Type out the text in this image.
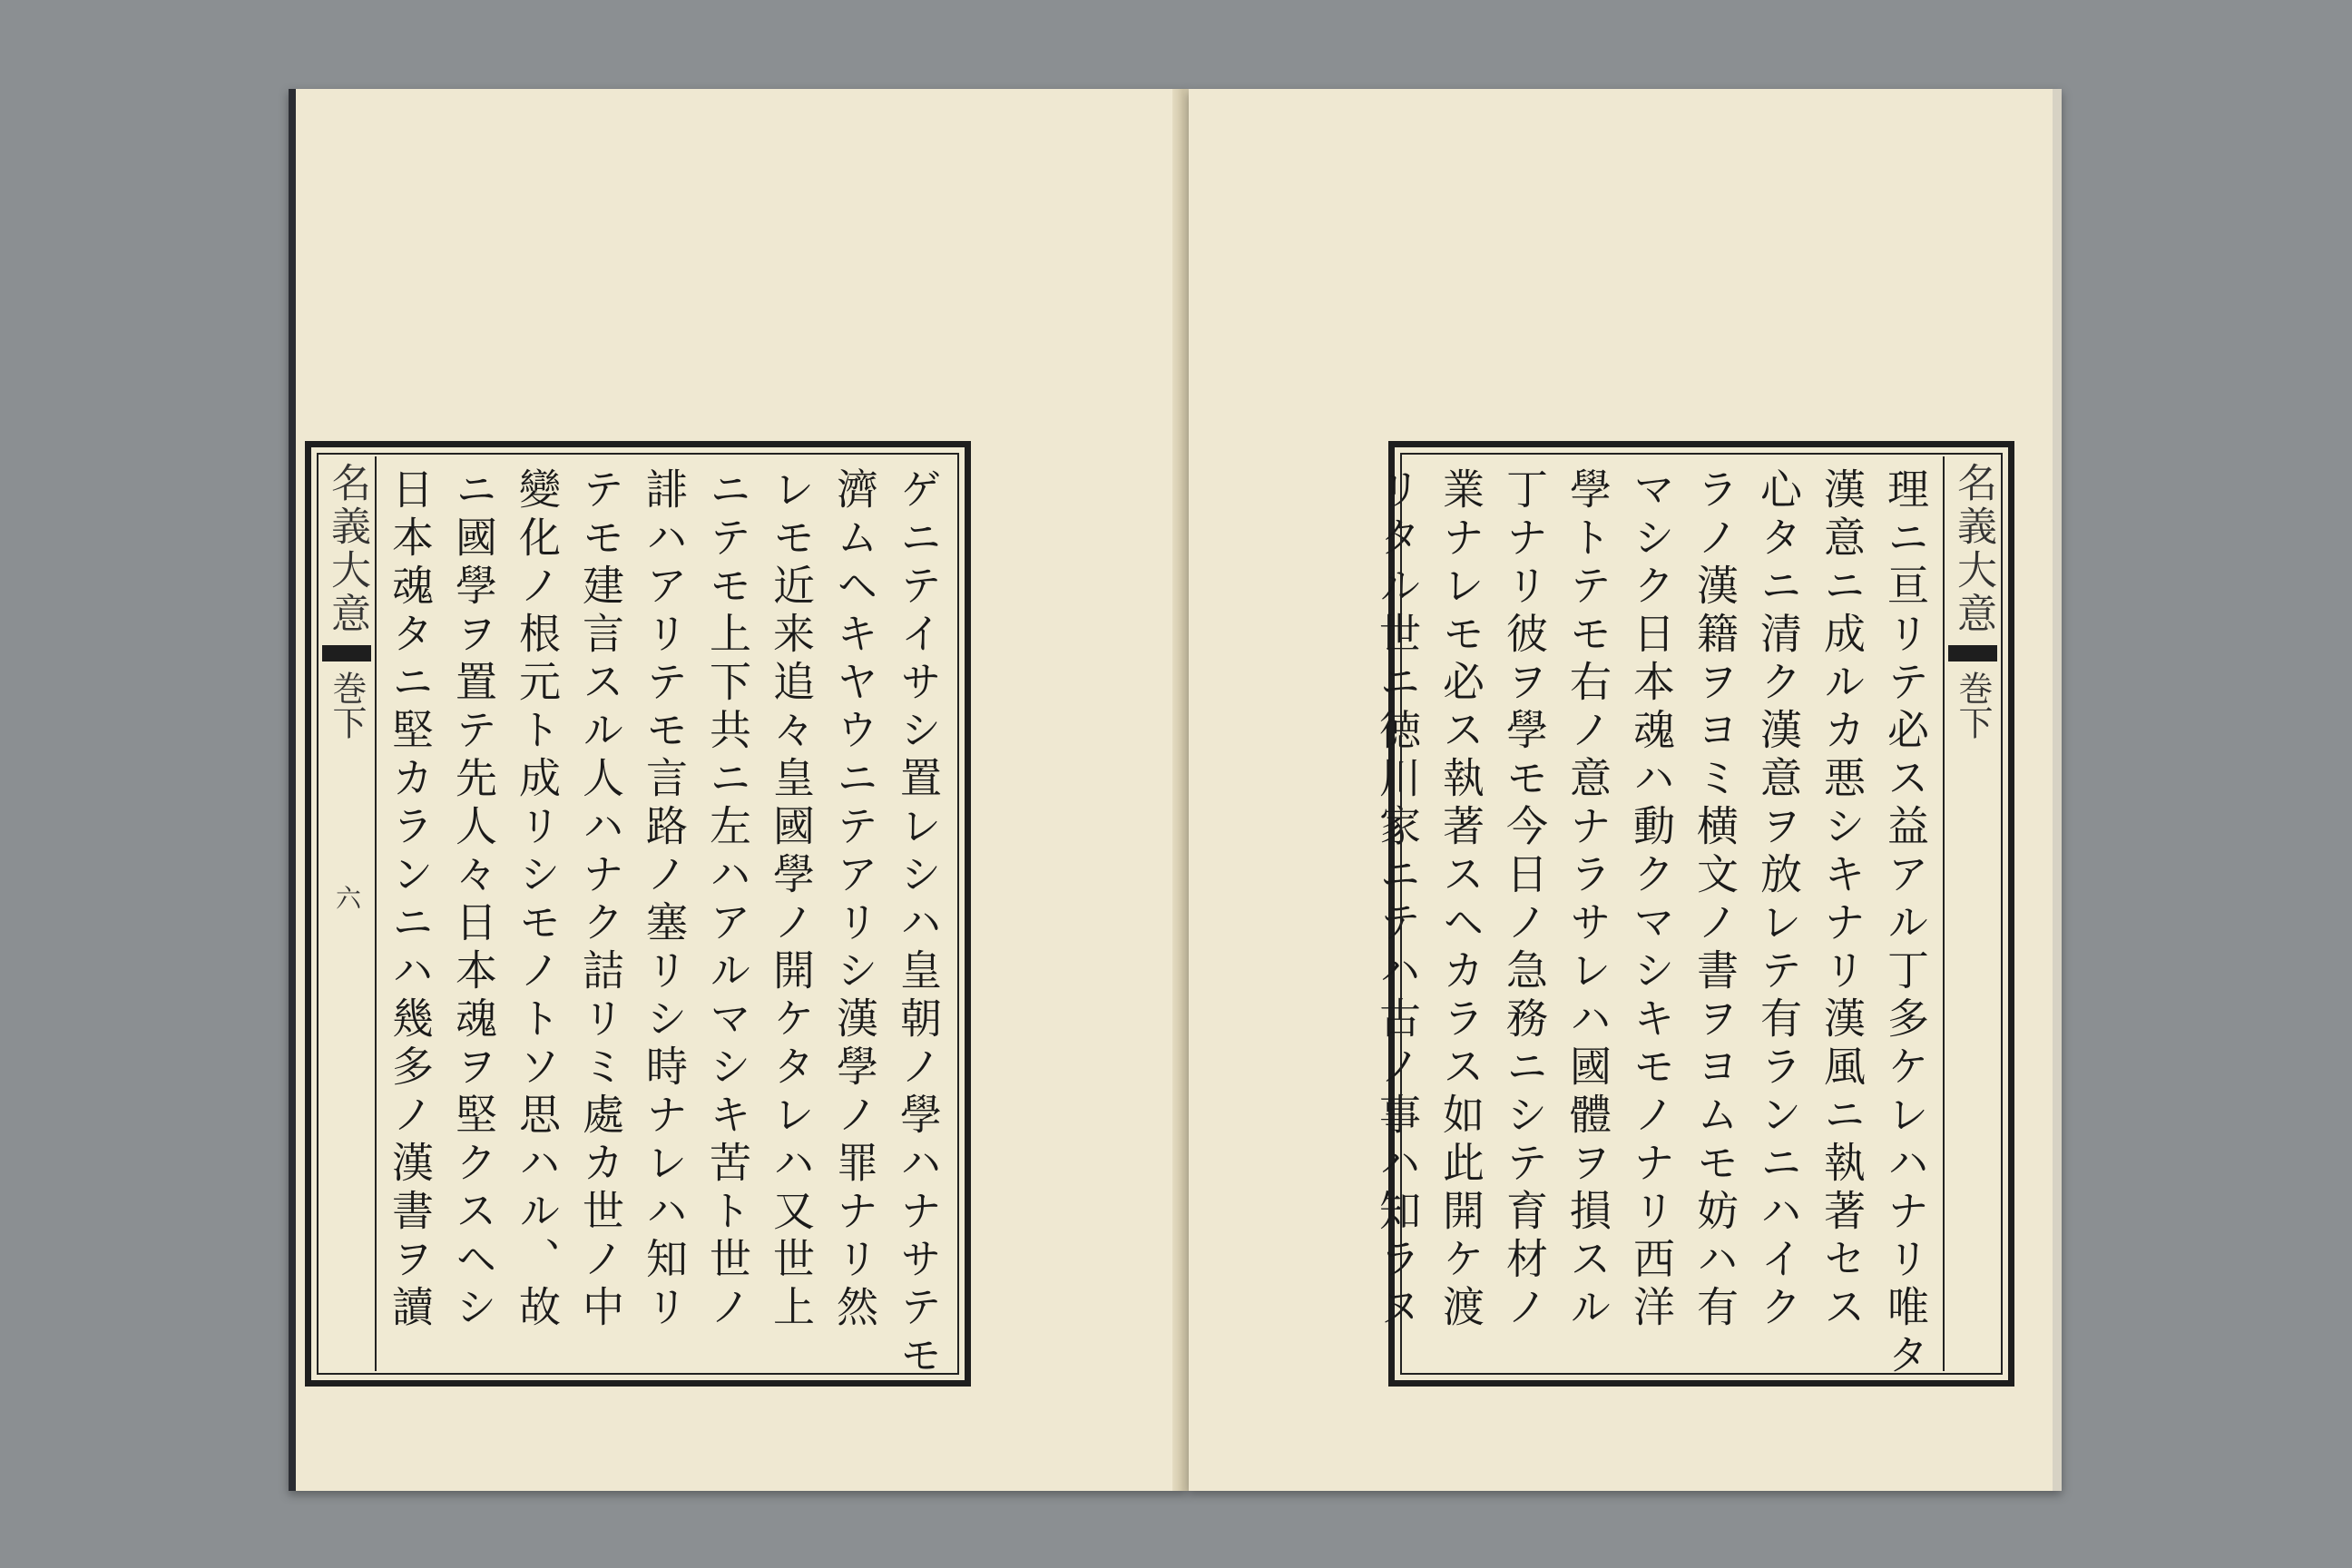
名義大意
巻下
六	ゲニテイサシ置レシハ皇朝ノ學ハナサテモ
濟ムヘキヤウニテアリシ漢學ノ罪ナリ然
レモ近来追々皇國學ノ開ケタレハ又世上
ニテモ上下共ニ左ハアルマシキ苦ト世ノ
誹ハアリテモ言路ノ塞リシ時ナレハ知リ
テモ建言スル人ハナク詰リミ處カ世ノ中
變化ノ根元ト成リシモノトソ思ハル、故
ニ國學ヲ置テ先人々日本魂ヲ堅クスヘシ
日本魂タニ堅カランニハ幾多ノ漢書ヲ讀	名義大意
巻下
理ニ亘リテ必ス益アル丁多ケレハナリ唯タ
漢意ニ成ルカ悪シキナリ漢風ニ執著セス
心タニ清ク漢意ヲ放レテ有ランニハイク
ラノ漢籍ヲヨミ横文ノ書ヲヨムモ妨ハ有
マシク日本魂ハ動クマシキモノナリ西洋
學トテモ右ノ意ナラサレハ國體ヲ損スル
丁ナリ彼ヲ學モ今日ノ急務ニシテ育材ノ
業ナレモ必ス執著スヘカラス如此開ケ渡
リタル世ニ徳川家ニテハ古ノ事ハ知ラヌ
